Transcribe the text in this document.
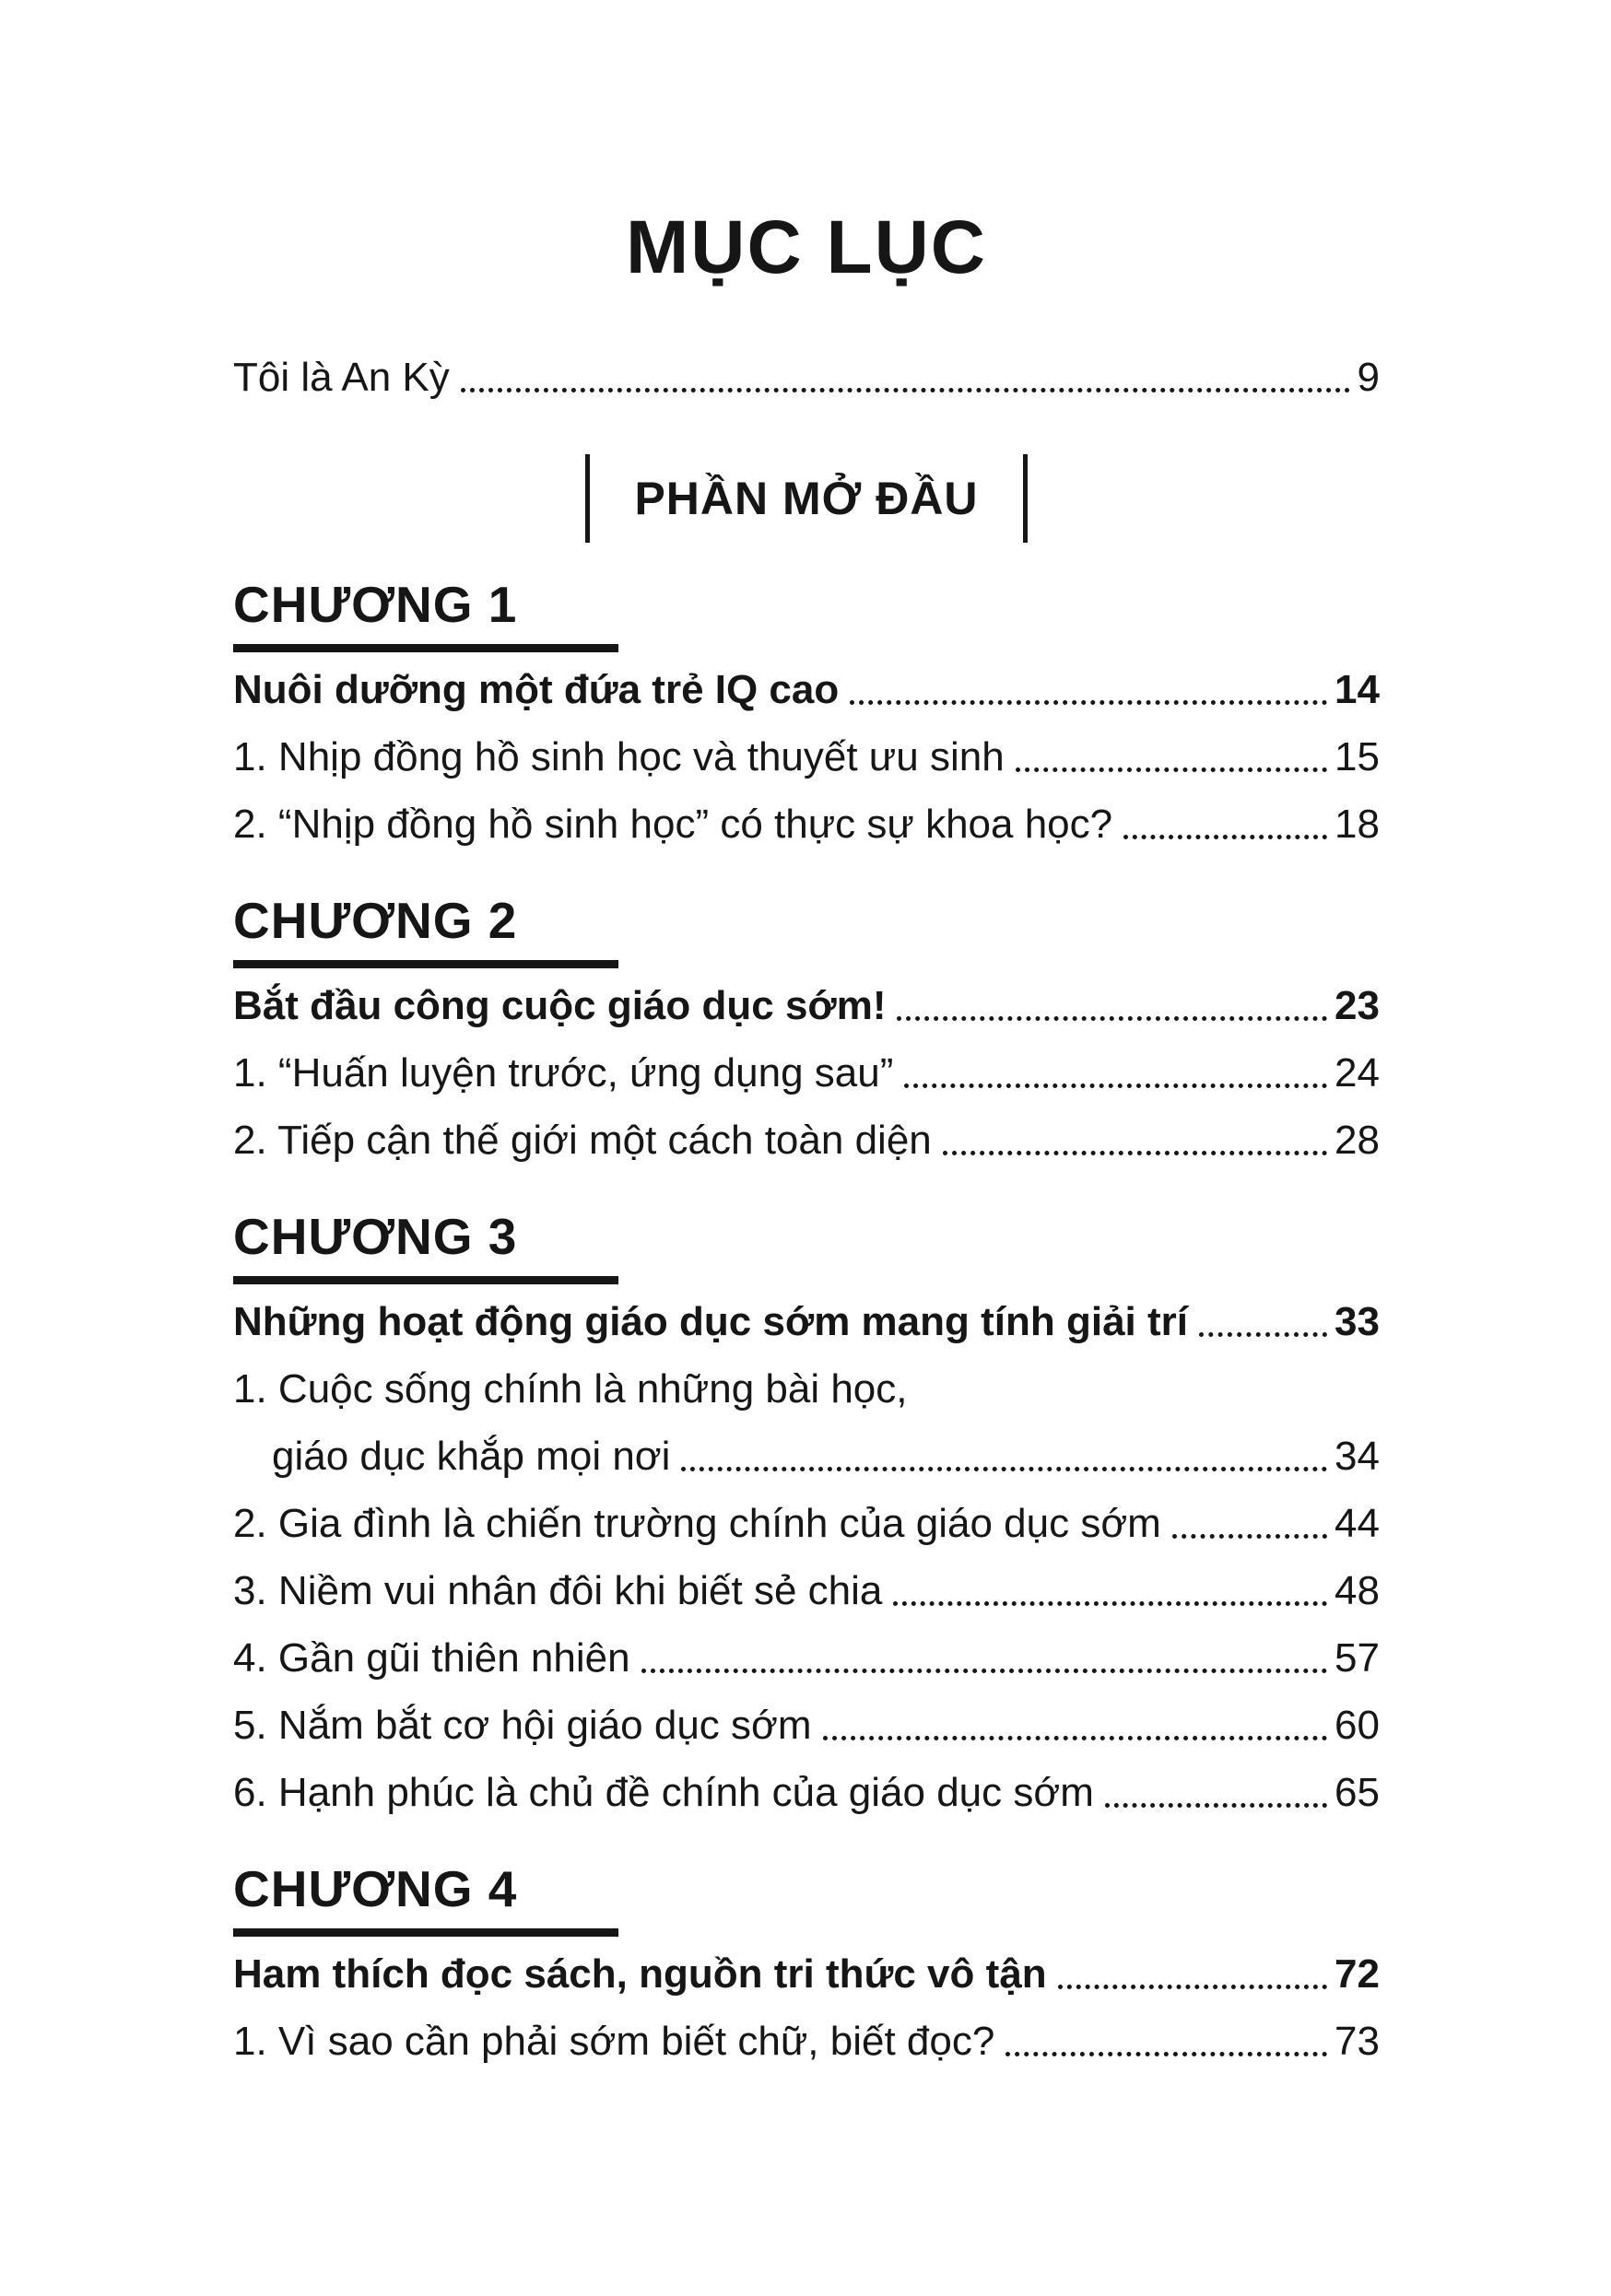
MỤC LỤC
Tôi là An Kỳ	9
PHẦN MỞ ĐẦU
CHƯƠNG 1
Nuôi dưỡng một đứa trẻ IQ cao	14
1. Nhịp đồng hồ sinh học và thuyết ưu sinh	15
2. “Nhịp đồng hồ sinh học” có thực sự khoa học?	18
CHƯƠNG 2
Bắt đầu công cuộc giáo dục sớm!	23
1. “Huấn luyện trước, ứng dụng sau”	24
2. Tiếp cận thế giới một cách toàn diện	28
CHƯƠNG 3
Những hoạt động giáo dục sớm mang tính giải trí	33
1. Cuộc sống chính là những bài học,
giáo dục khắp mọi nơi	34
2. Gia đình là chiến trường chính của giáo dục sớm	44
3. Niềm vui nhân đôi khi biết sẻ chia	48
4. Gần gũi thiên nhiên	57
5. Nắm bắt cơ hội giáo dục sớm	60
6. Hạnh phúc là chủ đề chính của giáo dục sớm	65
CHƯƠNG 4
Ham thích đọc sách, nguồn tri thức vô tận	72
1. Vì sao cần phải sớm biết chữ, biết đọc?	73
